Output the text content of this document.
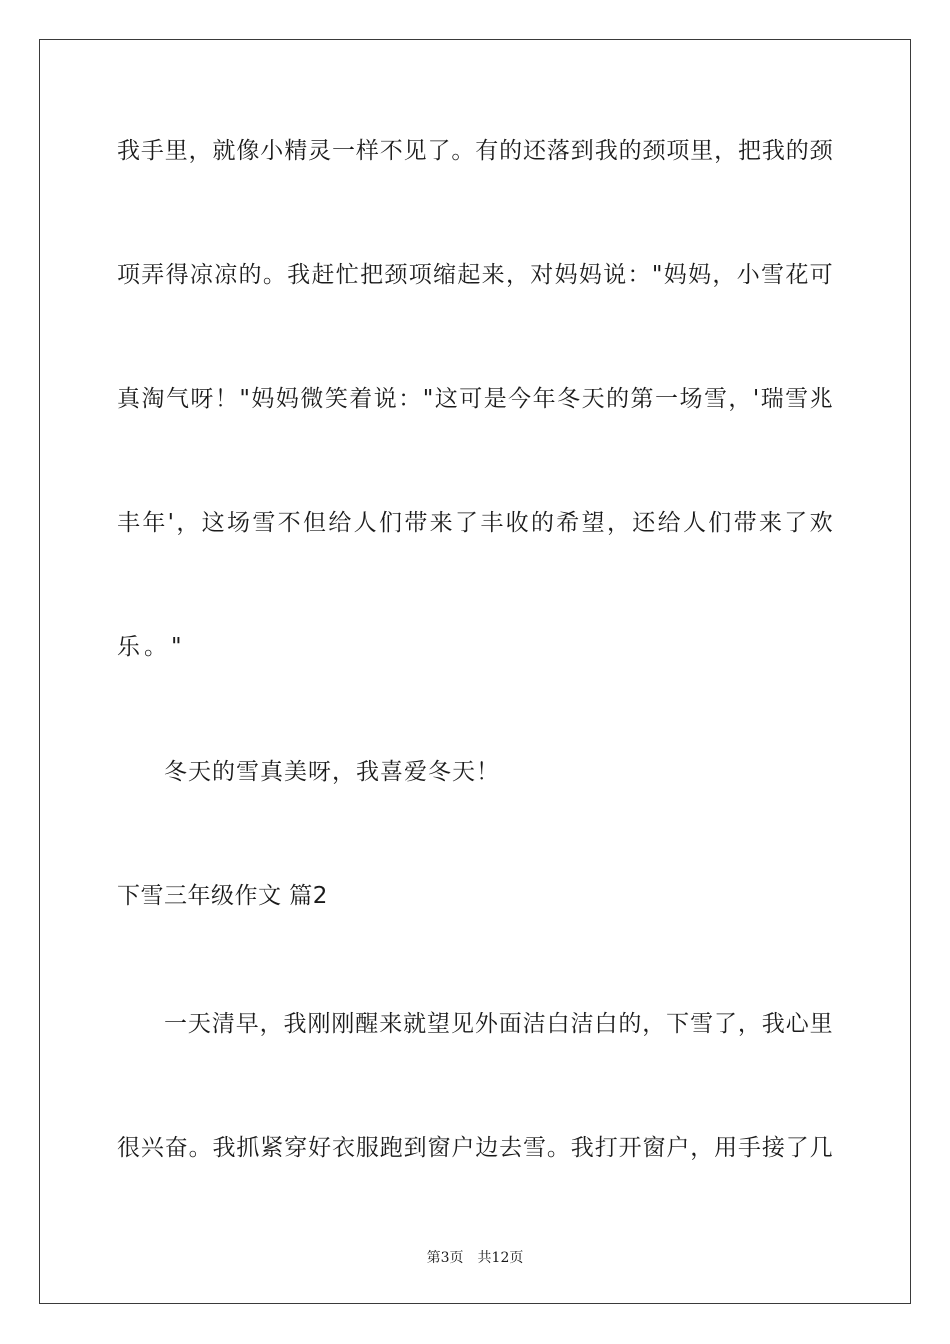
我手里，就像小精灵一样不见了。有的还落到我的颈项里，把我的颈
项弄得凉凉的。我赶忙把颈项缩起来，对妈妈说："妈妈，小雪花可
真淘气呀！"妈妈微笑着说："这可是今年冬天的第一场雪，'瑞雪兆
丰年'，这场雪不但给人们带来了丰收的希望，还给人们带来了欢
乐。"
冬天的雪真美呀，我喜爱冬天！
下雪三年级作文 篇2
一天清早，我刚刚醒来就望见外面洁白洁白的，下雪了，我心里
很兴奋。我抓紧穿好衣服跑到窗户边去雪。我打开窗户，用手接了几
第3页 共12页
